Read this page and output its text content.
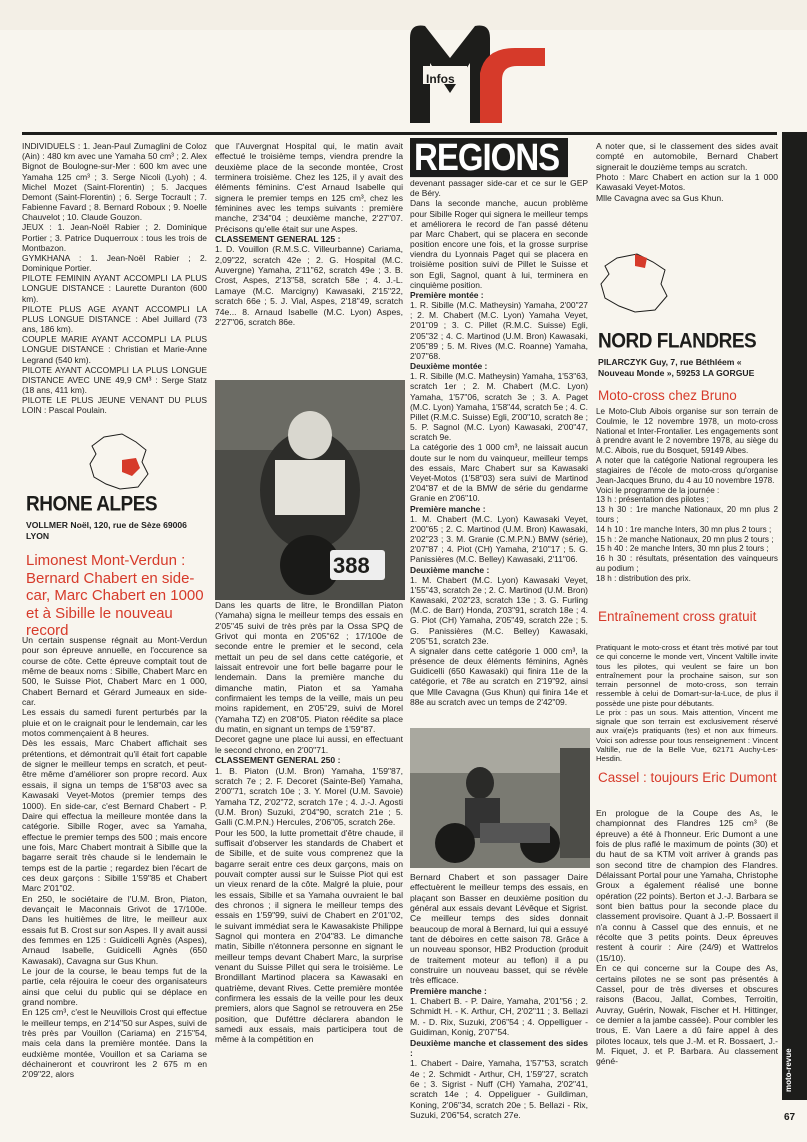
Infos
REGIONS

INDIVIDUELS : 1. Jean-Paul Zumaglini de Coloz (Ain) : 480 km avec une Yamaha 50 cm³ ; 2. Alex Bignot de Boulogne-sur-Mer : 600 km avec une Yamaha 125 cm³ ; 3. Serge Nicoli (Lyoh) ; 4. Michel Mozet (Saint-Florentin) ; 5. Jacques Demont (Saint-Florentin) ; 6. Serge Tocrault ; 7. Fabienne Favard ; 8. Bernard Roboux ; 9. Noelle Chauvelot ; 10. Claude Gouzon.

JEUX : 1. Jean-Noël Rabier ; 2. Dominique Portier ; 3. Patrice Duquerroux : tous les trois de Montbazon.

GYMKHANA : 1. Jean-Noël Rabier ; 2. Dominique Portier.

PILOTE FEMININ AYANT ACCOMPLI LA PLUS LONGUE DISTANCE : Laurette Duranton (600 km).

PILOTE PLUS AGE AYANT ACCOMPLI LA PLUS LONGUE DISTANCE : Abel Juillard (73 ans, 186 km).

COUPLE MARIE AYANT ACCOMPLI LA PLUS LONGUE DISTANCE : Christian et Marie-Anne Legrand (540 km).

PILOTE AYANT ACCOMPLI LA PLUS LONGUE DISTANCE AVEC UNE 49,9 CM³ : Serge Statz (18 ans, 411 km).

PILOTE LE PLUS JEUNE VENANT DU PLUS LOIN : Pascal Poulain.

RHONE ALPES
VOLLMER Noël, 120, rue de Sèze 69006 LYON
Limonest Mont-Verdun : Bernard Chabert en side-car, Marc Chabert en 1000 et à Sibille le nouveau record

Un certain suspense régnait au Mont-Verdun pour son épreuve annuelle, en l'occurence sa course de côte. Cette épreuve comptait tout de même de beaux noms : Sibille, Chabert Marc en 500, le Suisse Piot, Chabert Marc en 1 000, Chabert Bernard et Gérard Jumeaux en side-car.

Les essais du samedi furent perturbés par la pluie et on le craignait pour le lendemain, car les motos commençaient à 8 heures.

Dès les essais, Marc Chabert affichait ses prétentions, et démontrait qu'il était fort capable de signer le meilleur temps en scratch, et peut-être même d'améliorer son propre record. Aux essais, il signa un temps de 1'58"03 avec sa Kawasaki Veyet-Motos (premier temps des 1000). En side-car, c'est Bernard Chabert - P. Daire qui effectua la meilleure montée dans la catégorie. Sibille Roger, avec sa Yamaha, effectue le premier temps des 500 ; mais encore une fois, Marc Chabert montrait à Sibille que la bagarre serait très chaude si le lendemain le temps est de la partie ; regardez bien l'écart de ces deux garçons : Sibille 1'59"85 et Chabert Marc 2'01"02.

En 250, le sociétaire de l'U.M. Bron, Piaton, devançait le Maconnais Grivot de 17/100e. Dans les huitièmes de litre, le meilleur aux essais fut B. Crost sur son Aspes. Il y avait aussi des femmes en 125 : Guidicelli Agnès (Aspes), Arnaud Isabelle, Guidicelli Agnès (650 Kawasaki), Cavagna sur Gus Khun.

Le jour de la course, le beau temps fut de la partie, cela réjouira le coeur des organisateurs ainsi que celui du public qui se déplace en grand nombre.

En 125 cm³, c'est le Neuvillois Crost qui effectue le meilleur temps, en 2'14"50 sur Aspes, suivi de très près par Vouillon (Cariama) en 2'15"54, mais cela dans la première montée. Dans la eudxième montée, Vouillon et sa Cariama se déchaineront et couvriront les 2 675 m en 2'09"22, alors

que l'Auvergnat Hospital qui, le matin avait effectué le troisième temps, viendra prendre la deuxième place de la seconde montée, Crost terminera troisième. Chez les 125, il y avait des éléments féminins. C'est Arnaud Isabelle qui signera le premier temps en 125 cm³, chez les féminines avec les temps suivants : première manche, 2'34"04 ; deuxième manche, 2'27"07. Précisons qu'elle était sur une Aspes.

CLASSEMENT GENERAL 125 :

1. D. Vouillon (R.M.S.C. Villeurbanne) Cariama, 2,09"22, scratch 42e ; 2. G. Hospital (M.C. Auvergne) Yamaha, 2'11"62, scratch 49e ; 3. B. Crost, Aspes, 2'13"58, scratch 58e ; 4. J.-L. Lamaye (M.C. Marcigny) Kawasaki, 2'15"22, scratch 66e ; 5. J. Vial, Aspes, 2'18"49, scratch 74e... 8. Arnaud Isabelle (M.C. Lyon) Aspes, 2'27"06, scratch 86e.

388

Dans les quarts de litre, le Brondillan Piaton (Yamaha) signa le meilleur temps des essais en 2'05"45 suivi de très près par la Ossa SPQ de Grivot qui monta en 2'05"62 ; 17/100e de seconde entre le premier et le second, cela mettait un peu de sel dans cette catégorie, et laissait entrevoir une fort belle bagarre pour le lendemain. Dans la première manche du dimanche matin, Piaton et sa Yamaha confirmaient les temps de la veille, mais un peu moins rapidement, en 2'05"29, suivi de Morel (Yamaha TZ) en 2'08"05. Piaton réédite sa place du matin, en signant un temps de 1'59"87.

Decoret gagne une place lui aussi, en effectuant le second chrono, en 2'00"71.

CLASSEMENT GENERAL 250 :

1. B. Piaton (U.M. Bron) Yamaha, 1'59"87, scratch 7e ; 2. F. Decoret (Sainte-Bel) Yamaha, 2'00"71, scratch 10e ; 3. Y. Morel (U.M. Savoie) Yamaha TZ, 2'02"72, scratch 17e ; 4. J.-J. Agosti (U.M. Bron) Suzuki, 2'04"90, scratch 21e ; 5. Galli (C.M.P.N.) Hercules, 2'06"05, scratch 26e.

Pour les 500, la lutte promettait d'être chaude, il suffisait d'observer les standards de Chabert et de Sibille, et de suite vous comprenez que la bagarre serait entre ces deux garçons, mais on pouvait compter aussi sur le Suisse Piot qui est un vieux renard de la côte. Malgré la pluie, pour les essais, Sibille et sa Yamaha ouvraient le bal des chronos ; il signera le meilleur temps des essais en 1'59"99, suivi de Chabert en 2'01"02, le suivant immédiat sera le Kawasakiste Philippe Sagnol qui montera en 2'04"83. Le dimanche matin, Sibille n'étonnera personne en signant le meilleur temps devant Chabert Marc, la surprise venant du Suisse Pillet qui sera le troisième. Le Brondillant Martinod placera sa Kawasaki en quatrième, devant Rives. Cette première montée confirmera les essais de la veille pour les deux premiers, alors que Sagnol se retrouvera en 25e position, que Duféttre déclarera abandon le samedi aux essais, mais participera tout de même à la compétition en

devenant passager side-car et ce sur le GEP de Béry.

Dans la seconde manche, aucun problème pour Sibille Roger qui signera le meilleur temps et améliorera le record de l'an passé détenu par Marc Chabert, qui se placera en seconde position encore une fois, et la grosse surprise viendra du Lyonnais Paget qui se placera en troisième position suivi de Pillet le Suisse et son Egli, Sagnol, quant à lui, terminera en cinquième position.

Première montée :

1. R. Sibille (M.C. Matheysin) Yamaha, 2'00"27 ; 2. M. Chabert (M.C. Lyon) Yamaha Veyet, 2'01"09 ; 3. C. Pillet (R.M.C. Suisse) Egli, 2'05"32 ; 4. C. Martinod (U.M. Bron) Kawasaki, 2'05"89 ; 5. M. Rives (M.C. Roanne) Yamaha, 2'07"68.

Deuxième montée :

1. R. Sibille (M.C. Matheysin) Yamaha, 1'53"63, scratch 1er ; 2. M. Chabert (M.C. Lyon) Yamaha, 1'57"06, scratch 3e ; 3. A. Paget (M.C. Lyon) Yamaha, 1'58"44, scratch 5e ; 4. C. Pillet (R.M.C. Suisse) Egli, 2'00"10, scratch 8e ; 5. P. Sagnol (M.C. Lyon) Kawasaki, 2'00"47, scratch 9e.

La catégorie des 1 000 cm³, ne laissait aucun doute sur le nom du vainqueur, meilleur temps des essais, Marc Chabert sur sa Kawasaki Veyet-Motos (1'58"03) sera suivi de Martinod 2'04"87 et de la BMW de série du gendarme Granie en 2'06"10.

Première manche :

1. M. Chabert (M.C. Lyon) Kawasaki Veyet, 2'00"65 ; 2. C. Martinod (U.M. Bron) Kawasaki, 2'02"23 ; 3. M. Granie (C.M.P.N.) BMW (série), 2'07"87 ; 4. Piot (CH) Yamaha, 2'10"17 ; 5. G. Panissières (M.C. Belley) Kawasaki, 2'11"06.

Deuxième manche :

1. M. Chabert (M.C. Lyon) Kawasaki Veyet, 1'55"43, scratch 2e ; 2. C. Martinod (U.M. Bron) Kawasaki, 2'02"23, scratch 13e ; 3. G. Furling (M.C. de Barr) Honda, 2'03"91, scratch 18e ; 4. G. Piot (CH) Yamaha, 2'05"49, scratch 22e ; 5. G. Panissières (M.C. Belley) Kawasaki, 2'05"51, scratch 23e.

A signaler dans cette catégorie 1 000 cm³, la présence de deux éléments féminins, Agnès Guidicelli (650 Kawasaki) qui finira 11e de la catégorie, et 78e au scratch en 2'19"92, ainsi que Mlle Cavagna (Gus Khun) qui finira 14e et 88e au scratch avec un temps de 2'42"09.

Bernard Chabert et son passager Daire effectuèrent le meilleur temps des essais, en plaçant son Basser en deuxième position du général aux essais devant Lévêque et Sigrist. Ce meilleur temps des sides donnait beaucoup de moral à Bernard, lui qui a essuyé tant de déboires en cette saison 78. Grâce à un nouveau sponsor, HB2 Production (produit de traitement moteur au teflon) il a pu construire un nouveau basset, qui se révèle très efficace.

Première manche :

1. Chabert B. - P. Daire, Yamaha, 2'01"56 ; 2. Schmidt H. - K. Arthur, CH, 2'02"11 ; 3. Bellazi M. - D. Rix, Suzuki, 2'06"54 ; 4. Oppelliguer - Guidiman, Konig, 2'07"54.

Deuxième manche et classement des sides :

1. Chabert - Daire, Yamaha, 1'57"53, scratch 4e ; 2. Schmidt - Arthur, CH, 1'59"27, scratch 6e ; 3. Sigrist - Nuff (CH) Yamaha, 2'02"41, scratch 14e ; 4. Oppeliguer - Guildiman, Koning, 2'06"34, scratch 20e ; 5. Bellazi - Rix, Suzuki, 2'06"54, scratch 27e.

A noter que, si le classement des sides avait compté en automobile, Bernard Chabert signerait le douzième temps au scratch.

Photo : Marc Chabert en action sur la 1 000 Kawasaki Veyet-Motos.

Mlle Cavagna avec sa Gus Khun.

NORD FLANDRES
PILARCZYK Guy, 7, rue Béthléem « Nouveau Monde », 59253 LA GORGUE
Moto-cross chez Bruno

Le Moto-Club Aibois organise sur son terrain de Coulmie, le 12 novembre 1978, un moto-cross National et Inter-Frontalier. Les engagements sont à prendre avant le 2 novembre 1978, au siège du M.C. Aibois, rue du Bosquet, 59149 Aibes.

A noter que la catégorie National regroupera les stagiaires de l'école de moto-cross qu'organise Jean-Jacques Bruno, du 4 au 10 novembre 1978.

Voici le programme de la journée :

13 h : présentation des pilotes ;

13 h 30 : 1re manche Nationaux, 20 mn plus 2 tours ;

14 h 10 : 1re manche Inters, 30 mn plus 2 tours ;

15 h : 2e manche Nationaux, 20 mn plus 2 tours ;

15 h 40 : 2e manche Inters, 30 mn plus 2 tours ;

16 h 30 : résultats, présentation des vainqueurs au podium ;

18 h : distribution des prix.

Entraînement cross gratuit

Pratiquant le moto-cross et étant très motivé par tout ce qui concerne le monde vert, Vincent Valtille invite tous les pilotes, qui veulent se faire un bon entraînement pour la prochaine saison, sur son terrain personnel de moto-cross, son terrain ressemble à celui de Domart-sur-la-Luce, de plus il possède une piste pour débutants.

Le prix : pas un sous. Mais attention, Vincent me signale que son terrain est exclusivement réservé aux vrai(e)s pratiquants (tes) et non aux frimeurs. Voici son adresse pour tous renseignement : Vincent Valtille, rue de la Belle Vue, 62171 Auchy-Les-Hesdin.

Cassel : toujours Eric Dumont

En prologue de la Coupe des As, le championnat des Flandres 125 cm³ (8e épreuve) a été à l'honneur. Eric Dumont a une fois de plus raflé le maximum de points (30) et du haut de sa KTM voit arriver à grands pas son second titre de champion des Flandres. Délaissant Portal pour une Yamaha, Christophe Groux a également réalisé une bonne opération (22 points). Berton et J.-J. Barbara se sont bien battus pour la seconde place du classement provisoire. Quant à J.-P. Bossaert il n'a connu à Cassel que des ennuis, et ne récolte que 3 petits points. Deux épreuves restent à courir : Aire (24/9) et Wattrelos (15/10).

En ce qui concerne sur la Coupe des As, certains pilotes ne se sont pas présentés à Cassel, pour de très diverses et obscures raisons (Bacou, Jallat, Combes, Terroitin, Auvray, Guérin, Nowak, Fischer et H. Hittinger, ce dernier a la jambe cassée). Pour combler les trous, E. Van Laere a dû faire appel à des pilotes locaux, tels que J.-M. et R. Bossaert, J.-M. Fiquet, J. et P. Barbara. Au classement géné-	moto-revue
67
